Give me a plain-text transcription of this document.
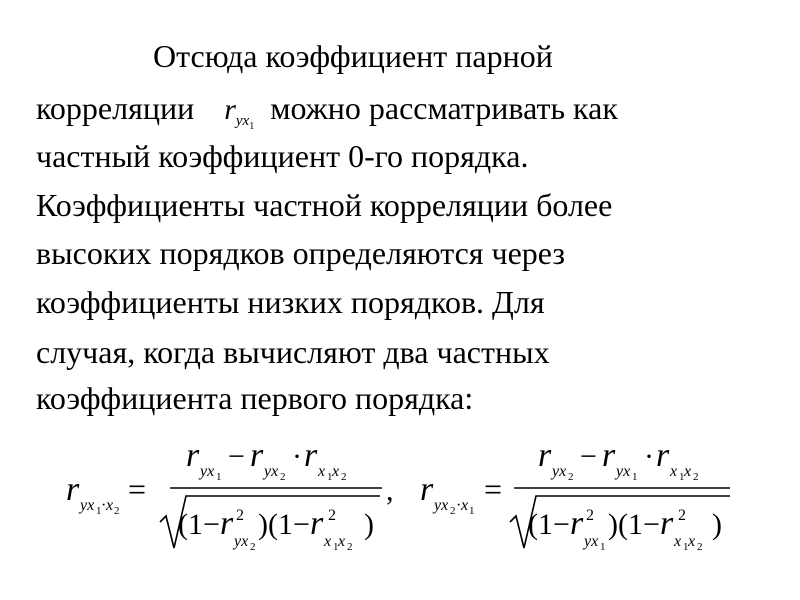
Отсюда коэффициент парной
корреляции $r_{yx_1}можно$ рассматривать как
частный коэффициент 0-го порядка.
Коэффициенты частной корреляции более
высоких порядков определяются через
коэффициенты низких порядков. Для
случая, когда вычисляют два частных
коэффициента первого порядка:
r yx 1 · x 2
=
r yx 1
− r yx 2
· r x 1 x 2
( 1− r 2
yx 2
) ( 1− r 2
x 1 x 2
)
, r yx 2 · x 1
=
r yx 2
− r yx 1
· r x 1 x 2
( 1− r 2
yx 1
) ( 1− r 2
x 1 x 2
)
